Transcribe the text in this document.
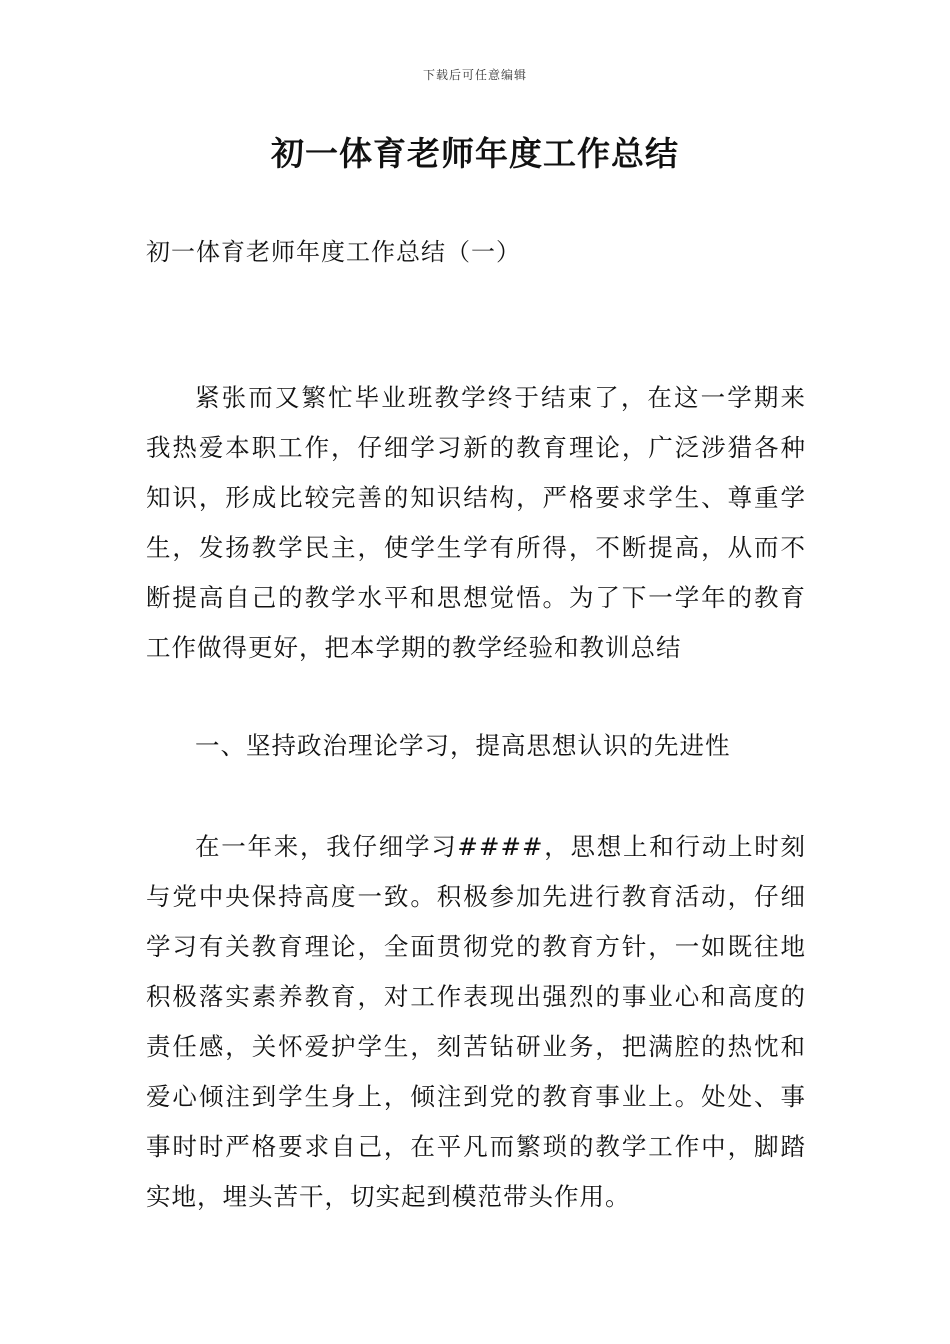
下载后可任意编辑
初一体育老师年度工作总结
初一体育老师年度工作总结（一）

紧张而又繁忙毕业班教学终于结束了，在这一学期来我热爱本职工作，仔细学习新的教育理论，广泛涉猎各种知识，形成比较完善的知识结构，严格要求学生、尊重学生，发扬教学民主，使学生学有所得，不断提高，从而不断提高自己的教学水平和思想觉悟。为了下一学年的教育工作做得更好，把本学期的教学经验和教训总结

一、坚持政治理论学习，提高思想认识的先进性

在一年来，我仔细学习####，思想上和行动上时刻与党中央保持高度一致。积极参加先进行教育活动，仔细学习有关教育理论，全面贯彻党的教育方针，一如既往地积极落实素养教育，对工作表现出强烈的事业心和高度的责任感，关怀爱护学生，刻苦钻研业务，把满腔的热忱和爱心倾注到学生身上，倾注到党的教育事业上。处处、事事时时严格要求自己，在平凡而繁琐的教学工作中，脚踏实地，埋头苦干，切实起到模范带头作用。
